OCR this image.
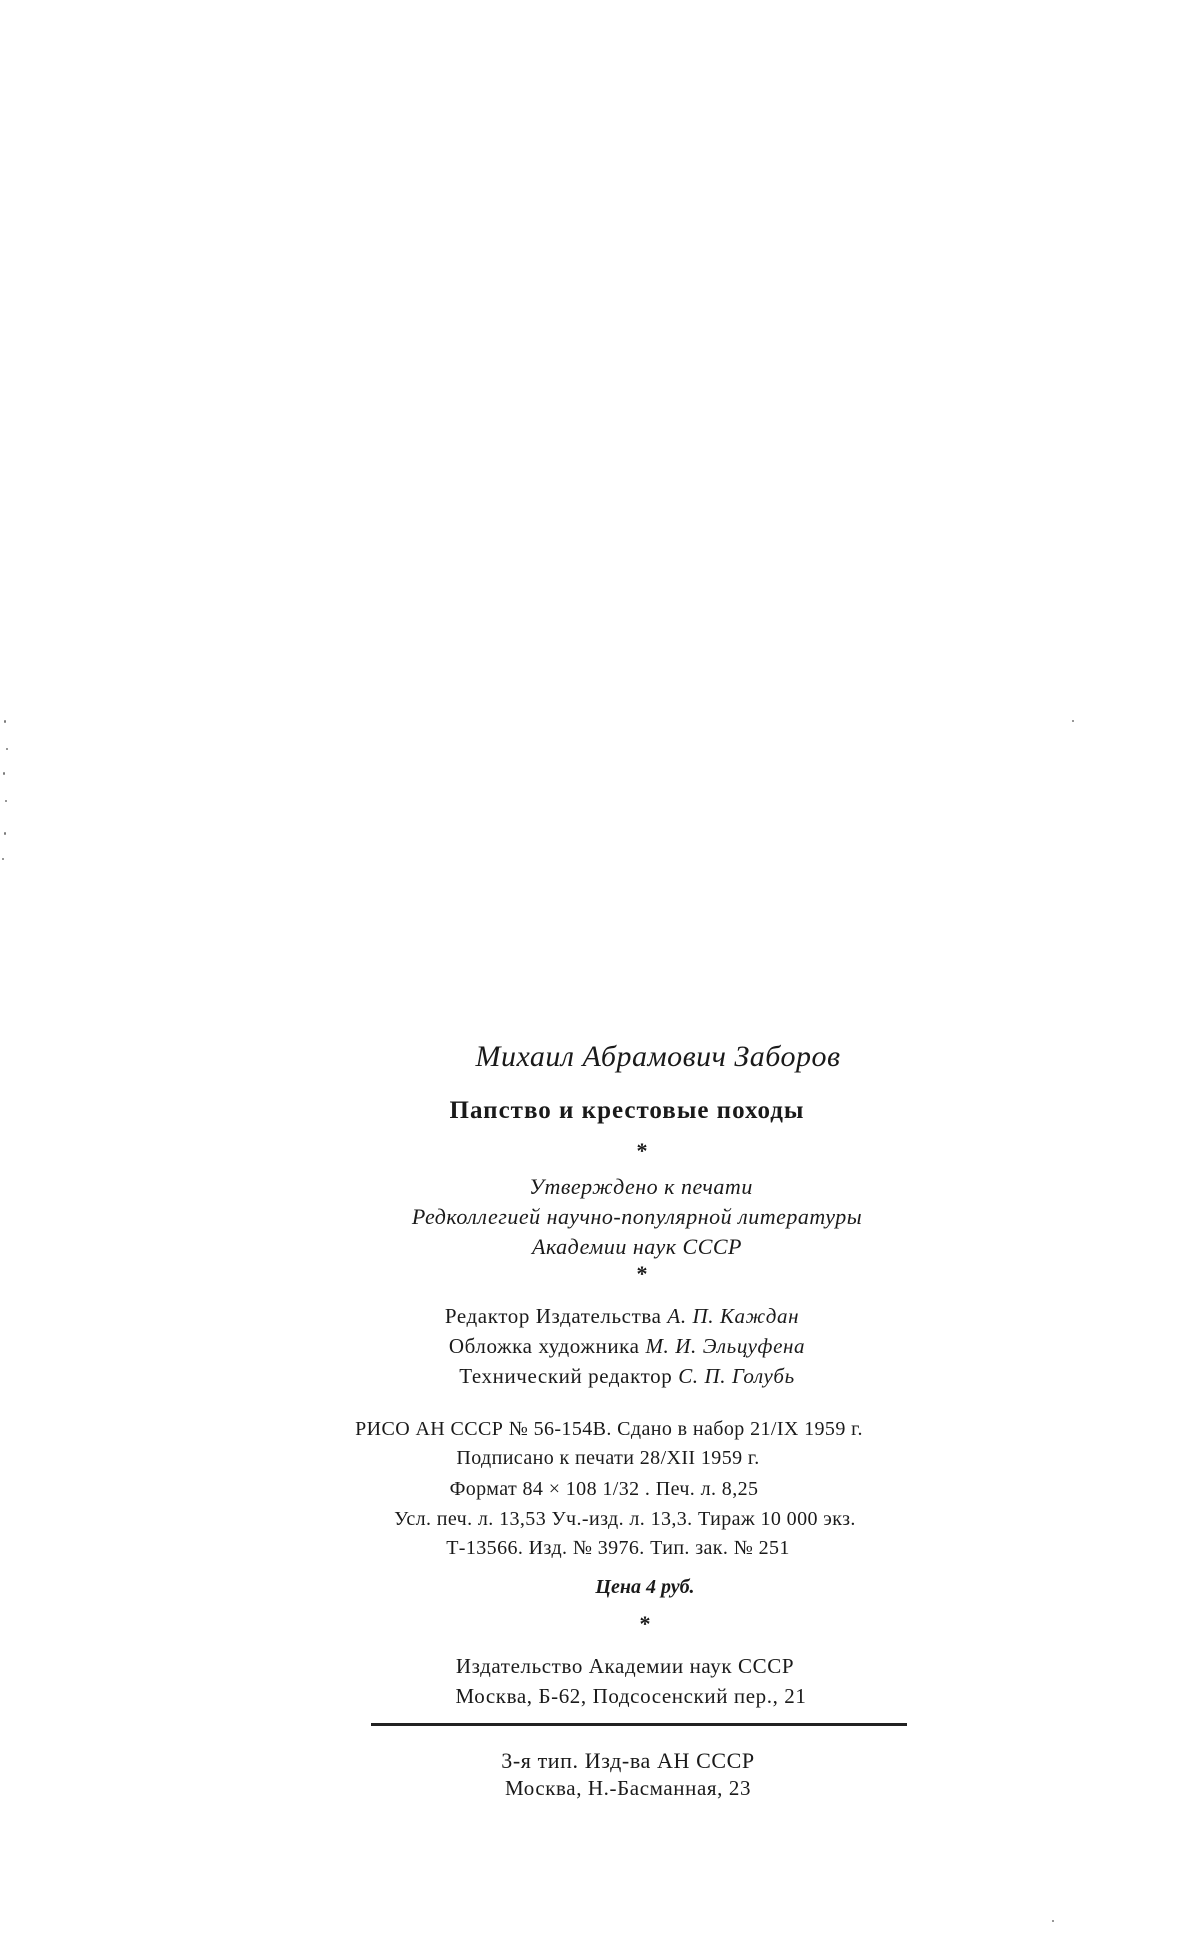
Михаил Абрамович Заборов
Папство и крестовые походы
*
Утверждено к печати
Редколлегией научно-популярной литературы
Академии наук СССР
*
Редактор Издательства А. П. Каждан
Обложка художника М. И. Эльцуфена
Технический редактор С. П. Голубь
РИСО АН СССР № 56-154В. Сдано в набор 21/IX 1959 г.
Подписано к печати 28/XII 1959 г.
Формат 84 × 108 1/32 . Печ. л. 8,25
Усл. печ. л. 13,53 Уч.-изд. л. 13,3. Тираж 10 000 экз.
Т-13566. Изд. № 3976. Тип. зак. № 251
Цена 4 руб.
*
Издательство Академии наук СССР
Москва, Б-62, Подсосенский пер., 21
3-я тип. Изд-ва АН СССР
Москва, Н.-Басманная, 23
